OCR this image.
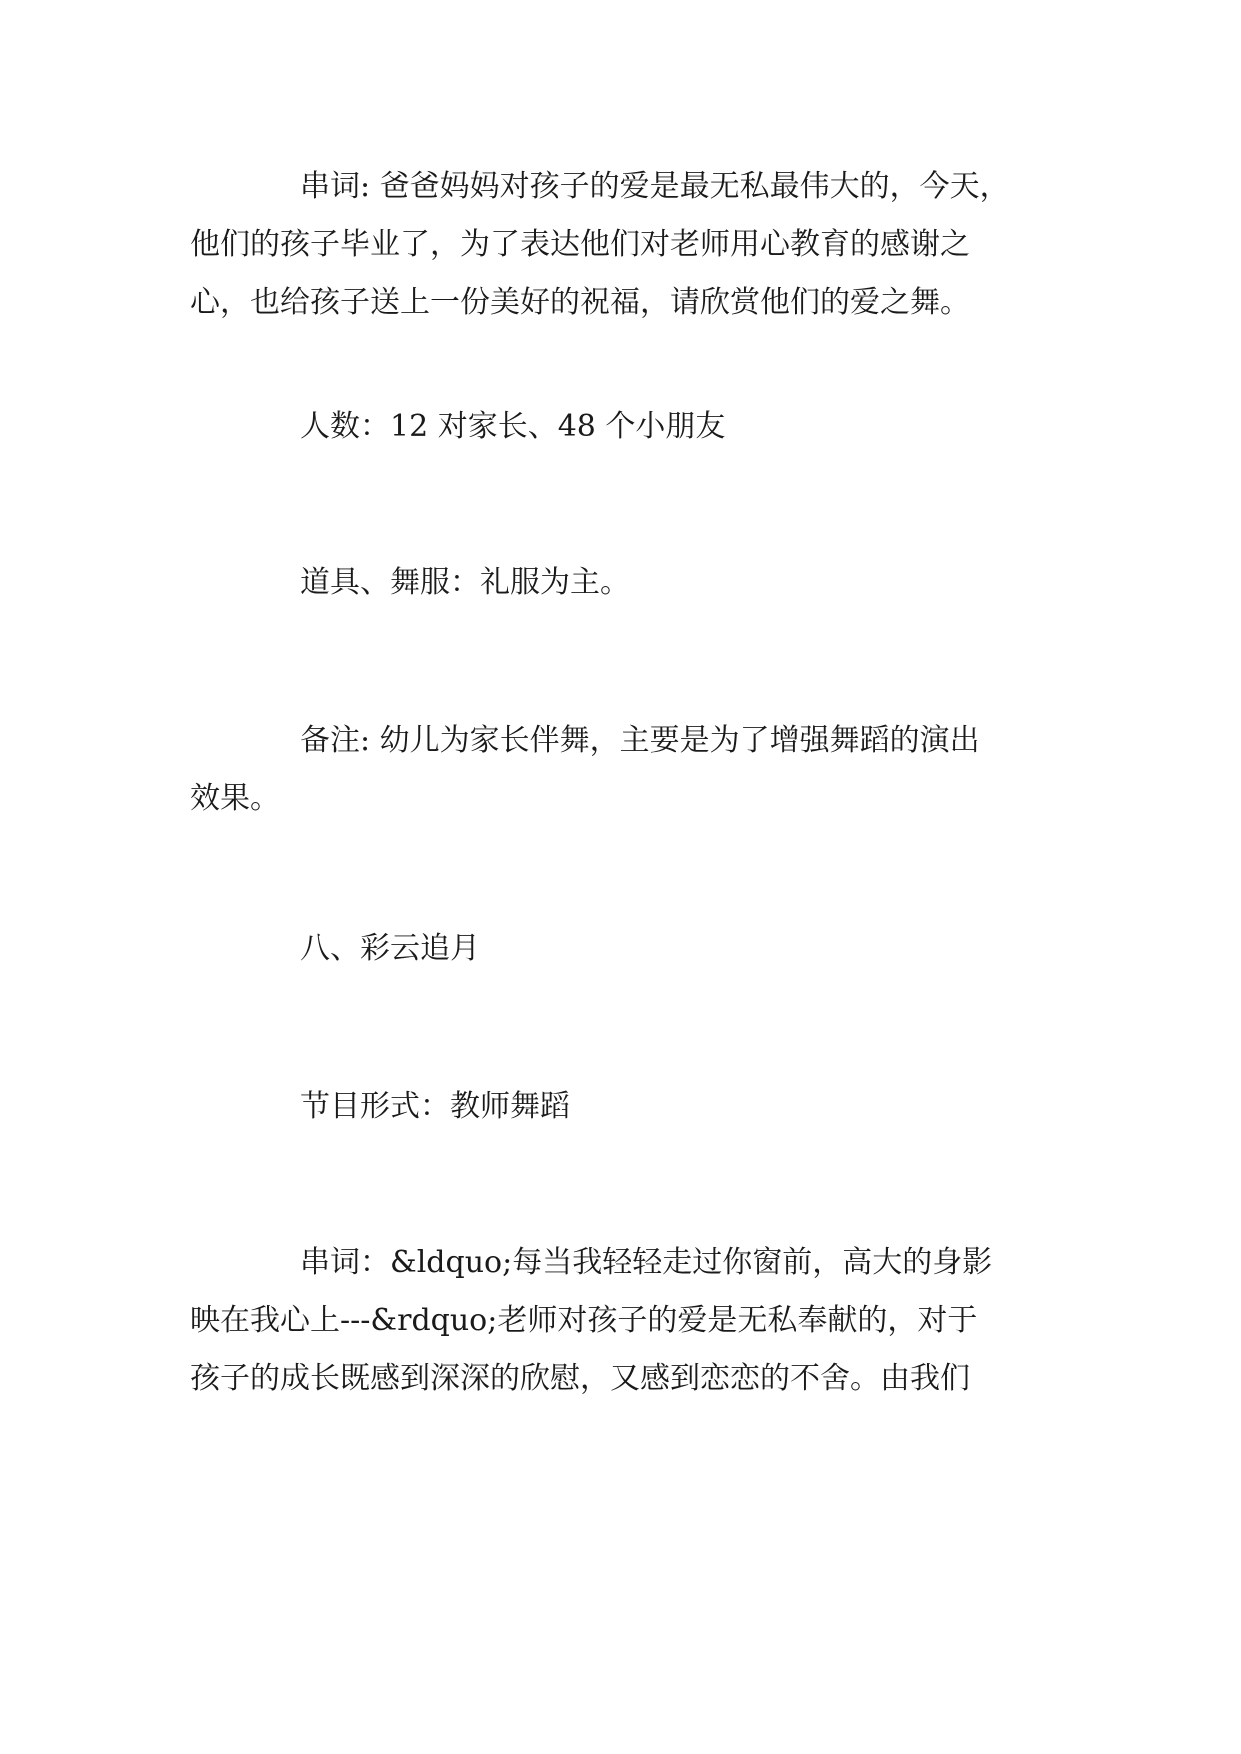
串词: 爸爸妈妈对孩子的爱是最无私最伟大的，今天，
他们的孩子毕业了，为了表达他们对老师用心教育的感谢之
心，也给孩子送上一份美好的祝福，请欣赏他们的爱之舞。
人数：12 对家长、48 个小朋友
道具、舞服：礼服为主。
备注: 幼儿为家长伴舞，主要是为了增强舞蹈的演出
效果。
八、彩云追月
节目形式：教师舞蹈
串词：&ldquo;每当我轻轻走过你窗前，高大的身影
映在我心上---&rdquo;老师对孩子的爱是无私奉献的，对于
孩子的成长既感到深深的欣慰，又感到恋恋的不舍。由我们
